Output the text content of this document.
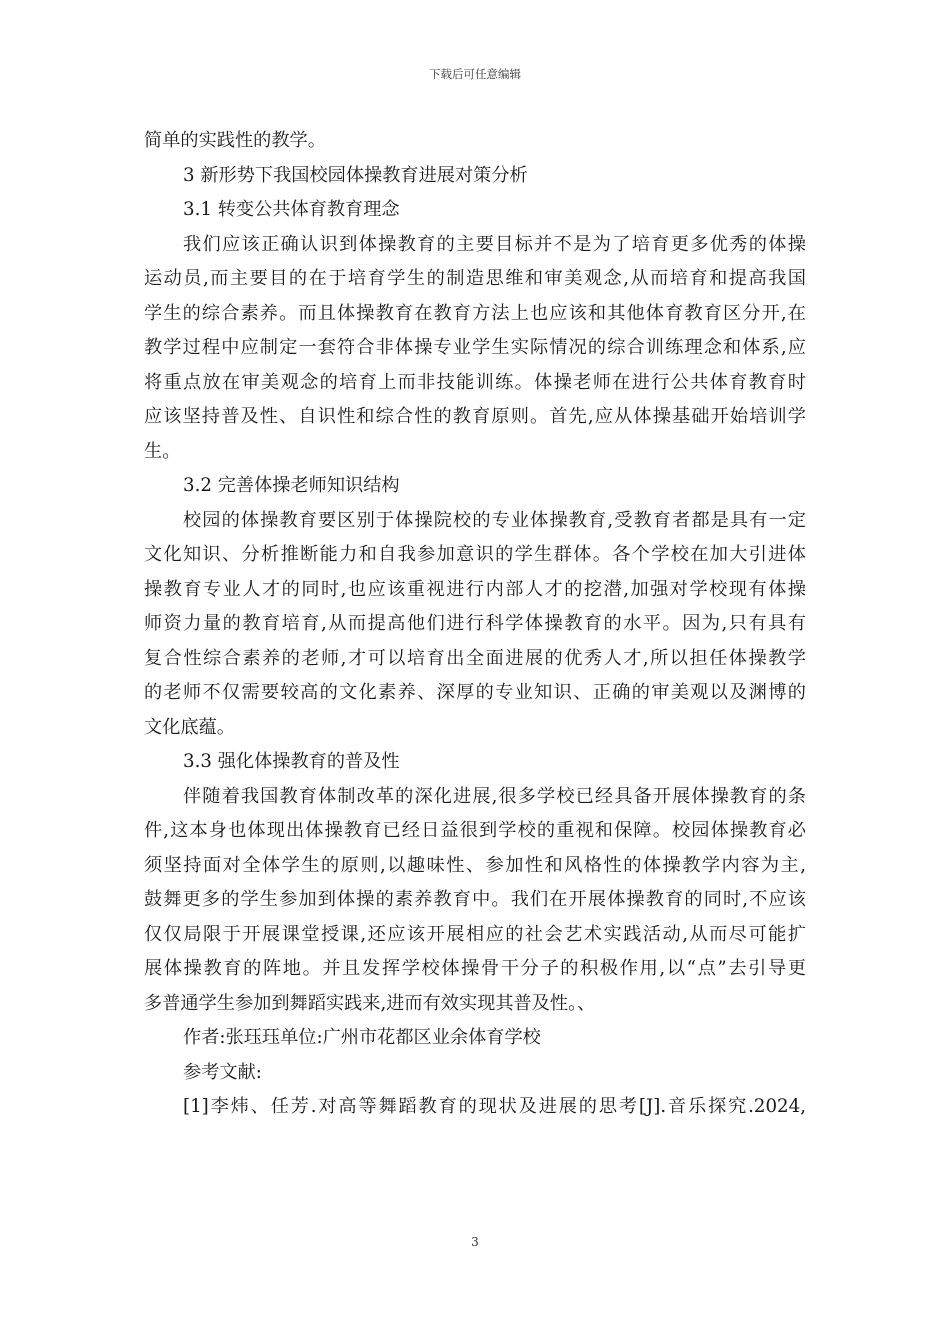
下载后可任意编辑
简单的实践性的教学。
3 新形势下我国校园体操教育进展对策分析
3.1 转变公共体育教育理念
我们应该正确认识到体操教育的主要目标并不是为了培育更多优秀的体操
运动员,而主要目的在于培育学生的制造思维和审美观念,从而培育和提高我国
学生的综合素养。而且体操教育在教育方法上也应该和其他体育教育区分开,在
教学过程中应制定一套符合非体操专业学生实际情况的综合训练理念和体系,应
将重点放在审美观念的培育上而非技能训练。体操老师在进行公共体育教育时
应该坚持普及性、自识性和综合性的教育原则。首先,应从体操基础开始培训学
生。
3.2 完善体操老师知识结构
校园的体操教育要区别于体操院校的专业体操教育,受教育者都是具有一定
文化知识、分析推断能力和自我参加意识的学生群体。各个学校在加大引进体
操教育专业人才的同时,也应该重视进行内部人才的挖潜,加强对学校现有体操
师资力量的教育培育,从而提高他们进行科学体操教育的水平。因为,只有具有
复合性综合素养的老师,才可以培育出全面进展的优秀人才,所以担任体操教学
的老师不仅需要较高的文化素养、深厚的专业知识、正确的审美观以及渊博的
文化底蕴。
3.3 强化体操教育的普及性
伴随着我国教育体制改革的深化进展,很多学校已经具备开展体操教育的条
件,这本身也体现出体操教育已经日益很到学校的重视和保障。校园体操教育必
须坚持面对全体学生的原则,以趣味性、参加性和风格性的体操教学内容为主,
鼓舞更多的学生参加到体操的素养教育中。我们在开展体操教育的同时,不应该
仅仅局限于开展课堂授课,还应该开展相应的社会艺术实践活动,从而尽可能扩
展体操教育的阵地。并且发挥学校体操骨干分子的积极作用,以“点”去引导更
多普通学生参加到舞蹈实践来,进而有效实现其普及性。、
作者:张珏珏单位:广州市花都区业余体育学校
参考文献:
[1]李炜、任芳.对高等舞蹈教育的现状及进展的思考[J].音乐探究.2024,
3
